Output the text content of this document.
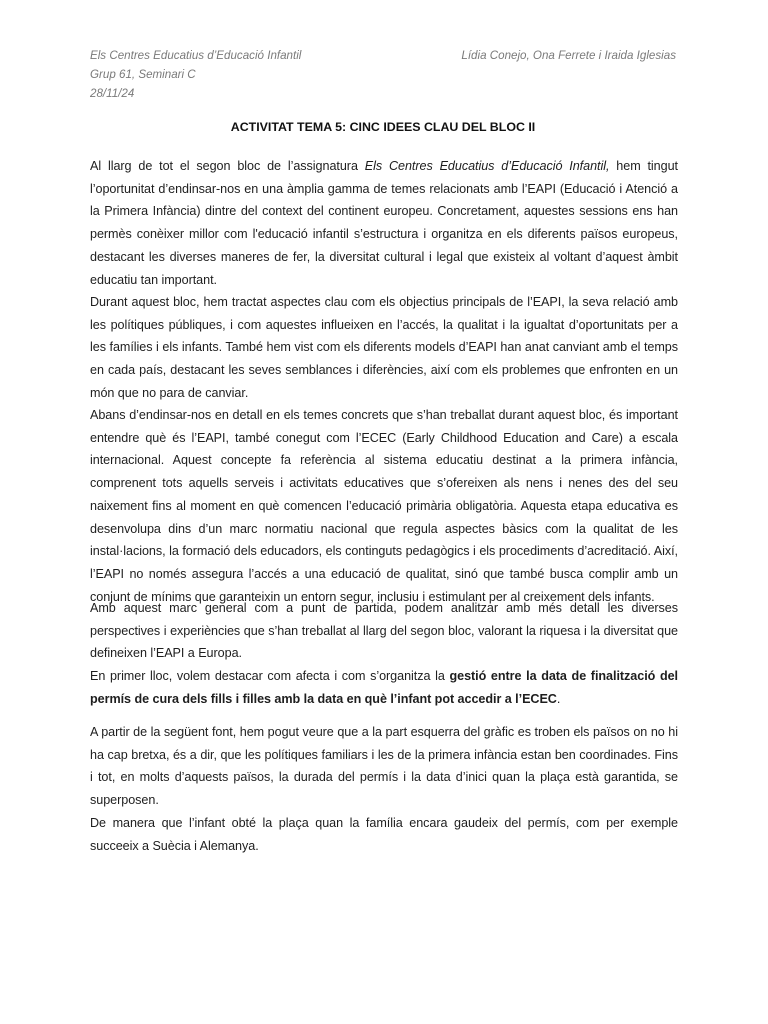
Els Centres Educatius d’Educació Infantil
Grup 61, Seminari C
28/11/24
Lídia Conejo, Ona Ferrete i Iraida Iglesias
ACTIVITAT TEMA 5: CINC IDEES CLAU DEL BLOC II

Al llarg de tot el segon bloc de l’assignatura Els Centres Educatius d’Educació Infantil, hem tingut l’oportunitat d’endinsar-nos en una àmplia gamma de temes relacionats amb l’EAPI (Educació i Atenció a la Primera Infància) dintre del context del continent europeu. Concretament, aquestes sessions ens han permès conèixer millor com l'educació infantil s’estructura i organitza en els diferents països europeus, destacant les diverses maneres de fer, la diversitat cultural i legal que existeix al voltant d’aquest àmbit educatiu tan important.

Durant aquest bloc, hem tractat aspectes clau com els objectius principals de l’EAPI, la seva relació amb les polítiques públiques, i com aquestes influeixen en l’accés, la qualitat i la igualtat d’oportunitats per a les famílies i els infants. També hem vist com els diferents models d’EAPI han anat canviant amb el temps en cada país, destacant les seves semblances i diferències, així com els problemes que enfronten en un món que no para de canviar.

Abans d’endinsar-nos en detall en els temes concrets que s’han treballat durant aquest bloc, és important entendre què és l’EAPI, també conegut com l’ECEC (Early Childhood Education and Care) a escala internacional. Aquest concepte fa referència al sistema educatiu destinat a la primera infància, comprenent tots aquells serveis i activitats educatives que s’ofereixen als nens i nenes des del seu naixement fins al moment en què comencen l’educació primària obligatòria. Aquesta etapa educativa es desenvolupa dins d’un marc normatiu nacional que regula aspectes bàsics com la qualitat de les instal·lacions, la formació dels educadors, els continguts pedagògics i els procediments d’acreditació. Així, l’EAPI no només assegura l’accés a una educació de qualitat, sinó que també busca complir amb un conjunt de mínims que garanteixin un entorn segur, inclusiu i estimulant per al creixement dels infants.

Amb aquest marc general com a punt de partida, podem analitzar amb més detall les diverses perspectives i experiències que s’han treballat al llarg del segon bloc, valorant la riquesa i la diversitat que defineixen l’EAPI a Europa.

En primer lloc, volem destacar com afecta i com s’organitza la gestió entre la data de finalització del permís de cura dels fills i filles amb la data en què l’infant pot accedir a l’ECEC.

A partir de la següent font, hem pogut veure que a la part esquerra del gràfic es troben els països on no hi ha cap bretxa, és a dir, que les polítiques familiars i les de la primera infància estan ben coordinades. Fins i tot, en molts d’aquests països, la durada del permís i la data d’inici quan la plaça està garantida, se superposen.

De manera que l’infant obté la plaça quan la família encara gaudeix del permís, com per exemple succeeix a Suècia i Alemanya.
